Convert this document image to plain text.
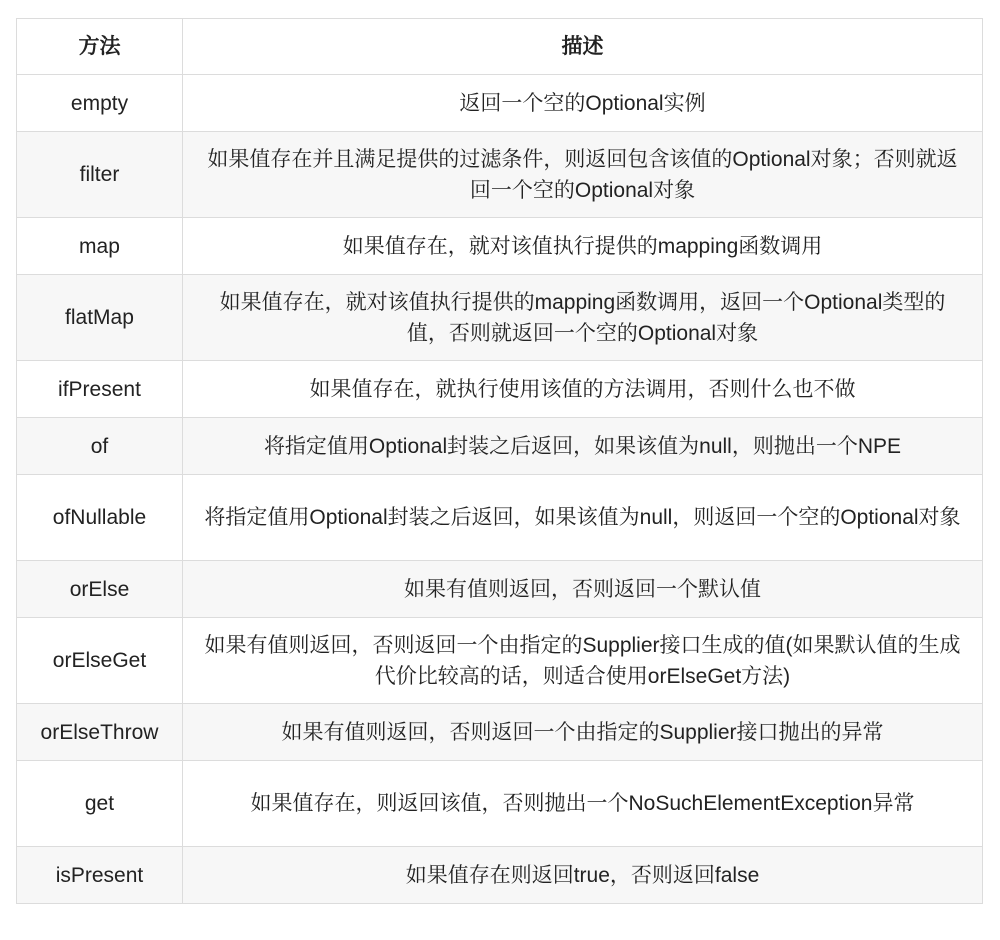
方法	描述
empty	返回一个空的Optional实例
filter	如果值存在并且满足提供的过滤条件，则返回包含该值的Optional对象；否则就返回一个空的Optional对象
map	如果值存在，就对该值执行提供的mapping函数调用
flatMap	如果值存在，就对该值执行提供的mapping函数调用，返回一个Optional类型的值，否则就返回一个空的Optional对象
ifPresent	如果值存在，就执行使用该值的方法调用，否则什么也不做
of	将指定值用Optional封装之后返回，如果该值为null，则抛出一个NPE
ofNullable	将指定值用Optional封装之后返回，如果该值为null，则返回一个空的Optional对象
orElse	如果有值则返回，否则返回一个默认值
orElseGet	如果有值则返回，否则返回一个由指定的Supplier接口生成的值(如果默认值的生成代价比较高的话，则适合使用orElseGet方法)
orElseThrow	如果有值则返回，否则返回一个由指定的Supplier接口抛出的异常
get	如果值存在，则返回该值，否则抛出一个NoSuchElementException异常
isPresent	如果值存在则返回true，否则返回false
